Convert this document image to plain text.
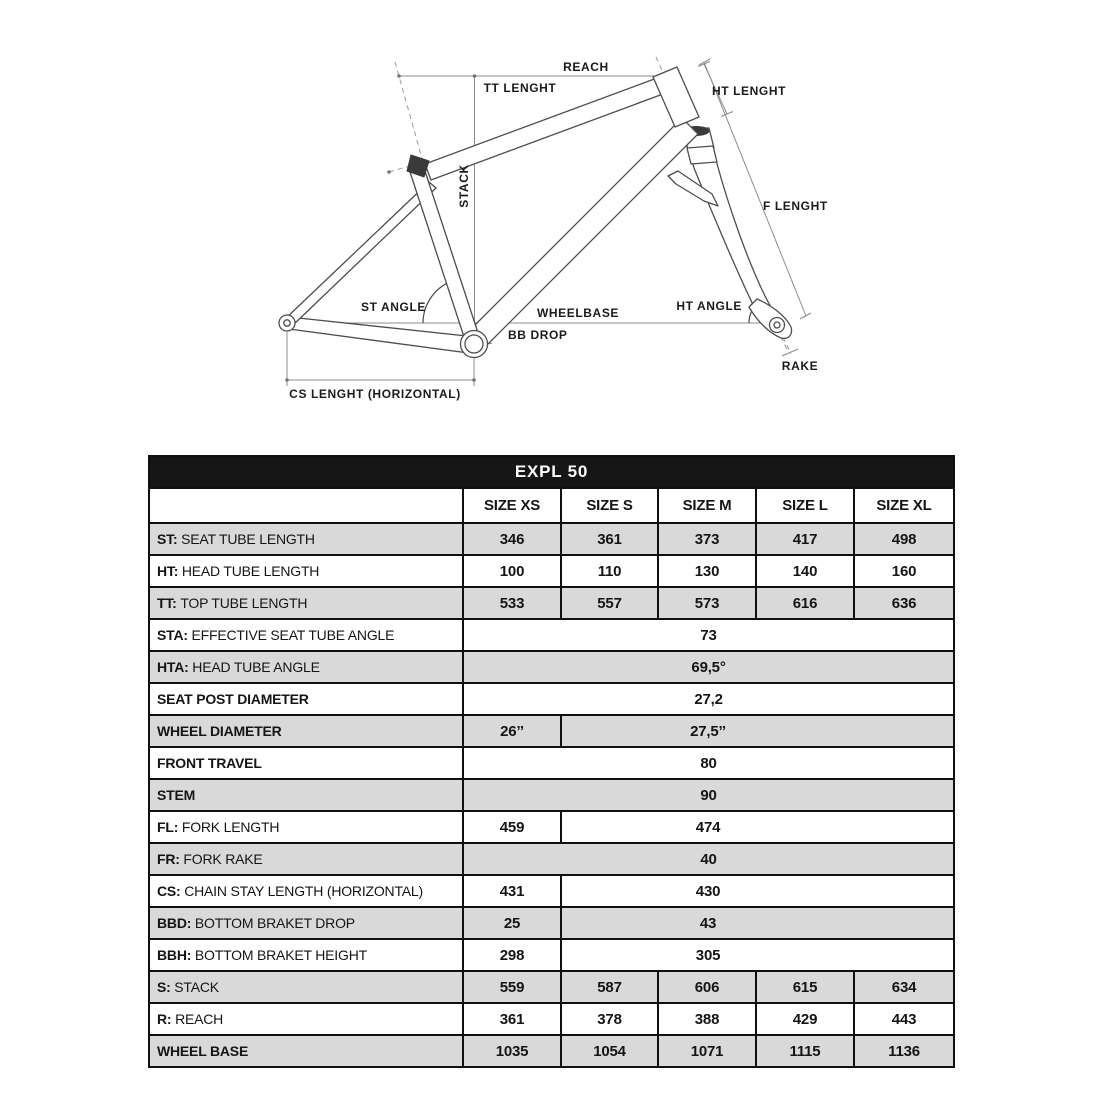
REACH
TT LENGHT	HT LENGHT
STACK	F LENGHT
ST ANGLE	WHEELBASE
BB DROP
HT ANGLE
RAKE
CS LENGHT (HORIZONTAL)
EXPL 50					
	SIZE XS	SIZE S	SIZE M	SIZE L	SIZE XL
ST: SEAT TUBE LENGTH	346	361	373	417	498
HT: HEAD TUBE LENGTH	100	110	130	140	160
TT: TOP TUBE LENGTH	533	557	573	616	636
STA: EFFECTIVE SEAT TUBE ANGLE	73				
HTA: HEAD TUBE ANGLE	69,5°				
SEAT POST DIAMETER	27,2				
WHEEL DIAMETER	26’’	27,5’’			
FRONT TRAVEL	80				
STEM	90				
FL: FORK LENGTH	459	474			
FR: FORK RAKE	40				
CS: CHAIN STAY LENGTH (HORIZONTAL)	431	430			
BBD: BOTTOM BRAKET DROP	25	43			
BBH: BOTTOM BRAKET HEIGHT	298	305			
S: STACK	559	587	606	615	634
R: REACH	361	378	388	429	443
WHEEL BASE	1035	1054	1071	1115	1136
